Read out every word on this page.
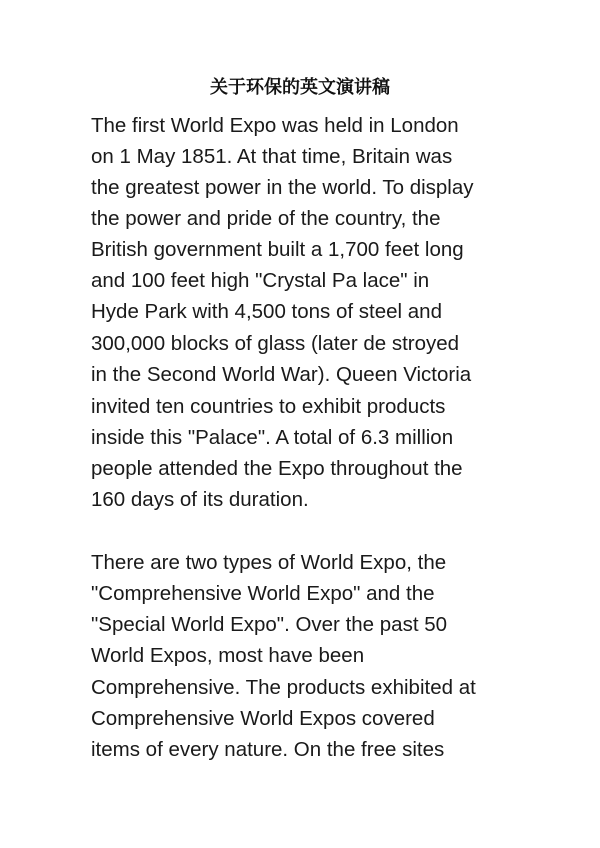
关于环保的英文演讲稿

The first World Expo was held in London

on 1 May 1851. At that time, Britain was

the greatest power in the world. To display

the power and pride of the country, the

British government built a 1,700 feet long

and 100 feet high "Crystal Pa lace" in

Hyde Park with 4,500 tons of steel and

300,000 blocks of glass (later de stroyed

in the Second World War). Queen Victoria

invited ten countries to exhibit products

inside this "Palace". A total of 6.3 million

people attended the Expo throughout the

160 days of its duration.

There are two types of World Expo, the

"Comprehensive World Expo" and the

"Special World Expo". Over the past 50

World Expos, most have been

Comprehensive. The products exhibited at

Comprehensive World Expos covered

items of every nature. On the free sites
